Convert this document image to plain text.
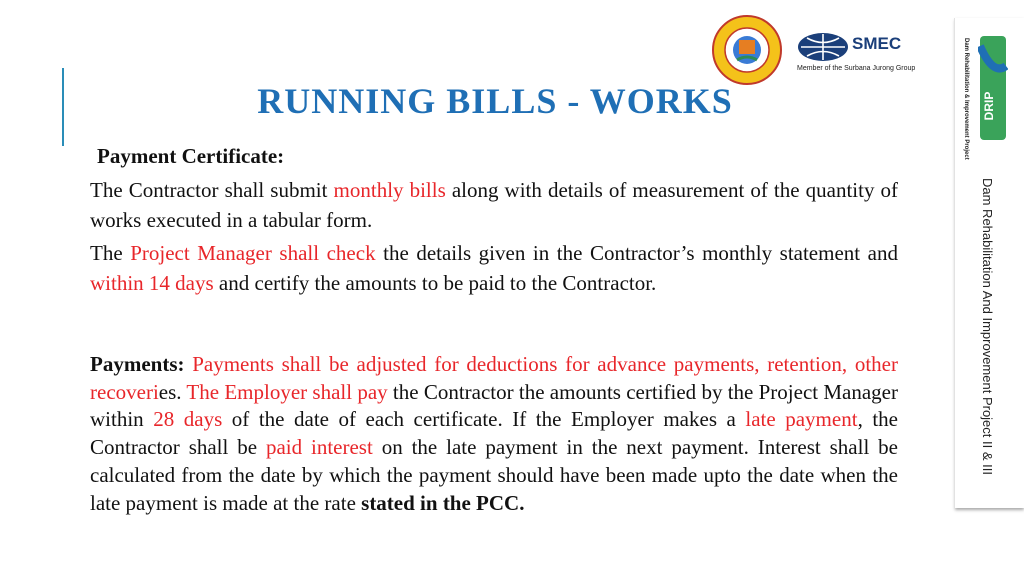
SMEC
Member of the Surbana Jurong Group
RUNNING BILLS - WORKS	Dam Rehabilitation & Improvement Project DRIP
Dam Rehabilitation And Improvement Project II & III
Payment Certificate:
The Contractor shall submit monthly bills along with details of measurement of the quantity of works executed in a tabular form.
The Project Manager shall check the details given in the Contractor’s monthly statement and within 14 days and certify the amounts to be paid to the Contractor.
Payments: Payments shall be adjusted for deductions for advance payments, retention, other recoveries. The Employer shall pay the Contractor the amounts certified by the Project Manager within 28 days of the date of each certificate. If the Employer makes a late payment, the Contractor shall be paid interest on the late payment in the next payment. Interest shall be calculated from the date by which the payment should have been made upto the date when the late payment is made at the rate stated in the PCC.
